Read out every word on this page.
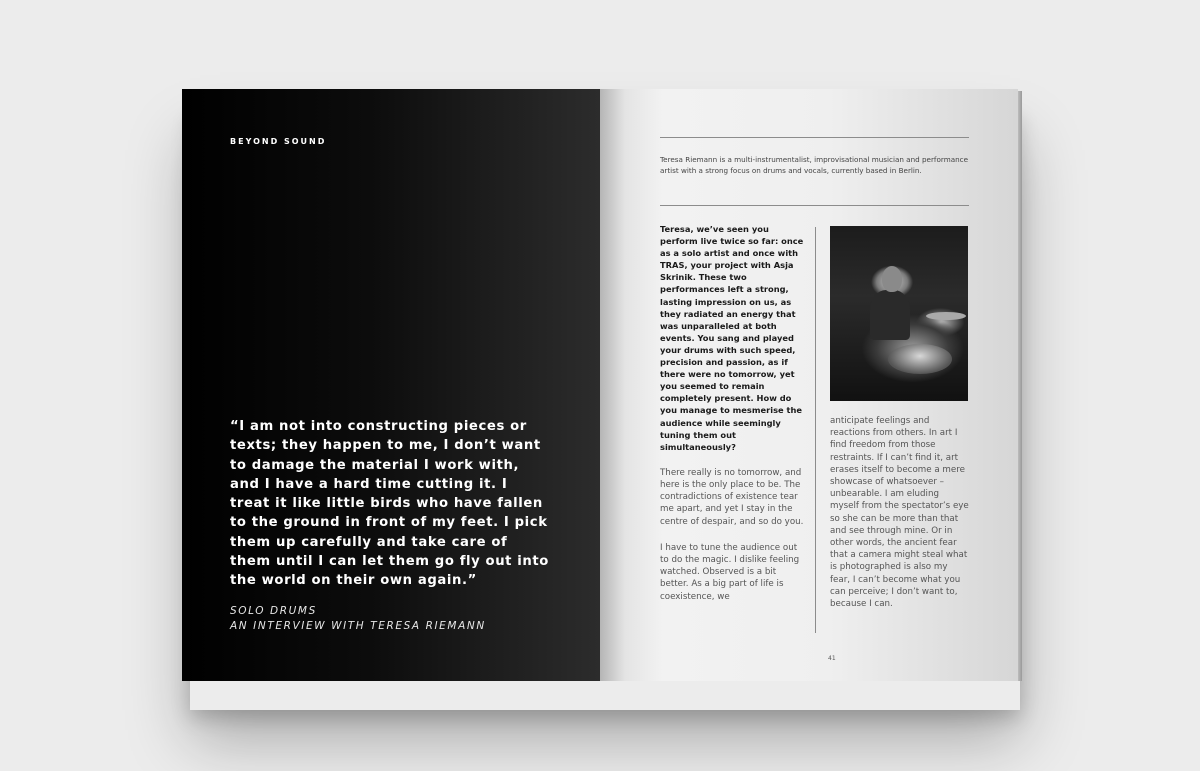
BEYOND SOUND

“I am not into constructing pieces or texts; they happen to me, I don’t want to damage the material I work with, and I have a hard time cutting it. I treat it like little birds who have fallen to the ground in front of my feet. I pick them up carefully and take care of them until I can let them go fly out into the world on their own again.”

SOLO DRUMS
AN INTERVIEW WITH TERESA RIEMANN

Teresa Riemann is a multi-instrumentalist, improvisational musician and performance artist with a strong focus on drums and vocals, currently based in Berlin.

Teresa, we’ve seen you perform live twice so far: once as a solo artist and once with TRAS, your project with Asja Skrinik. These two performances left a strong, lasting impression on us, as they radiated an energy that was unparalleled at both events. You sang and played your drums with such speed, precision and passion, as if there were no tomorrow, yet you seemed to remain completely present. How do you manage to mesmerise the audience while seemingly tuning them out simultaneously?

There really is no tomorrow, and here is the only place to be. The contradictions of existence tear me apart, and yet I stay in the centre of despair, and so do you.

I have to tune the audience out to do the magic. I dislike feeling watched. Observed is a bit better. As a big part of life is coexistence, we

anticipate feelings and reactions from others. In art I find freedom from those restraints. If I can’t find it, art erases itself to become a mere showcase of whatsoever – unbearable. I am eluding myself from the spectator’s eye so she can be more than that and see through mine. Or in other words, the ancient fear that a camera might steal what is photographed is also my fear, I can’t become what you can perceive; I don’t want to, because I can.

41
